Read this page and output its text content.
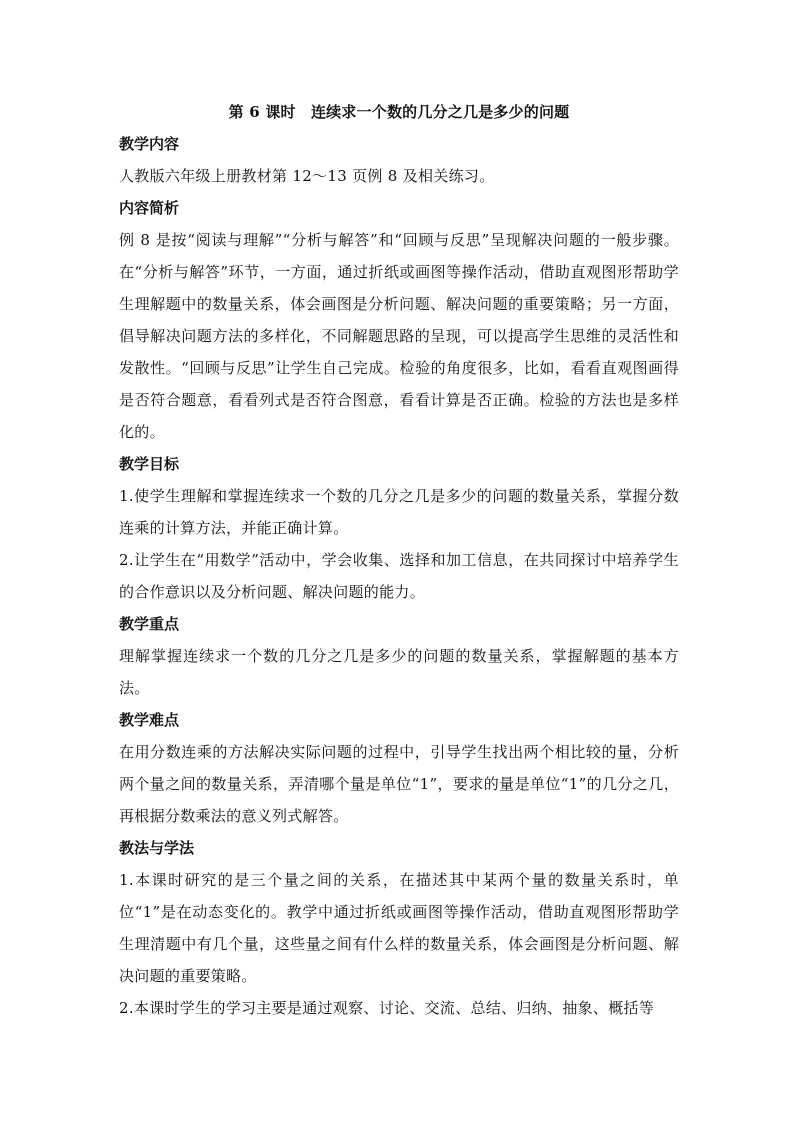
第 6 课时　连续求一个数的几分之几是多少的问题

教学内容

人教版六年级上册教材第 12～13 页例 8 及相关练习。

内容简析

例 8 是按“阅读与理解”“分析与解答”和“回顾与反思”呈现解决问题的一般步骤。在“分析与解答”环节，一方面，通过折纸或画图等操作活动，借助直观图形帮助学生理解题中的数量关系，体会画图是分析问题、解决问题的重要策略；另一方面，倡导解决问题方法的多样化，不同解题思路的呈现，可以提高学生思维的灵活性和发散性。“回顾与反思”让学生自己完成。检验的角度很多，比如，看看直观图画得是否符合题意，看看列式是否符合图意，看看计算是否正确。检验的方法也是多样化的。

教学目标

1.使学生理解和掌握连续求一个数的几分之几是多少的问题的数量关系，掌握分数连乘的计算方法，并能正确计算。

2.让学生在“用数学”活动中，学会收集、选择和加工信息，在共同探讨中培养学生的合作意识以及分析问题、解决问题的能力。

教学重点

理解掌握连续求一个数的几分之几是多少的问题的数量关系，掌握解题的基本方法。

教学难点

在用分数连乘的方法解决实际问题的过程中，引导学生找出两个相比较的量，分析两个量之间的数量关系，弄清哪个量是单位“1”，要求的量是单位“1”的几分之几，再根据分数乘法的意义列式解答。

教法与学法

1.本课时研究的是三个量之间的关系，在描述其中某两个量的数量关系时，单位“1”是在动态变化的。教学中通过折纸或画图等操作活动，借助直观图形帮助学生理清题中有几个量，这些量之间有什么样的数量关系，体会画图是分析问题、解决问题的重要策略。

2.本课时学生的学习主要是通过观察、讨论、交流、总结、归纳、抽象、概括等
